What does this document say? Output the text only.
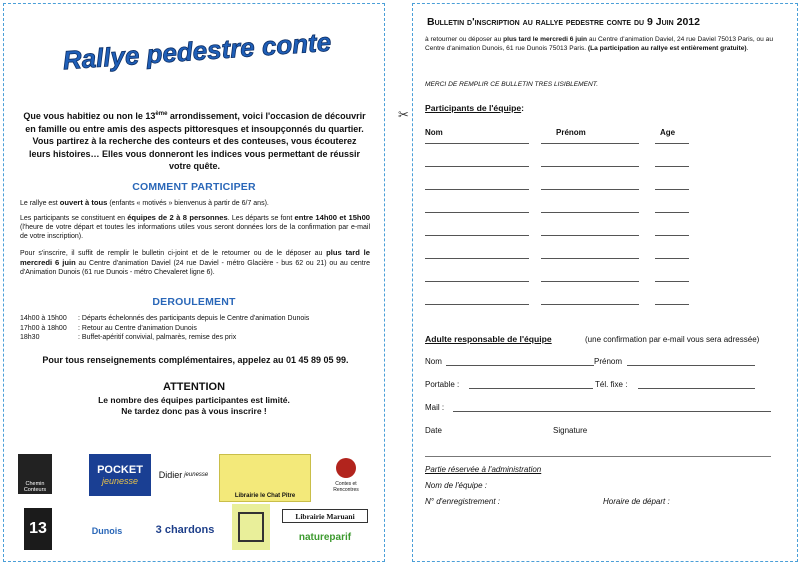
Rallye pedestre conte
Que vous habitiez ou non le 13ème arrondissement, voici l'occasion de découvrir en famille ou entre amis des aspects pittoresques et insoupçonnés du quartier. Vous partirez à la recherche des conteurs et des conteuses, vous écouterez leurs histoires… Elles vous donneront les indices vous permettant de réussir votre quête.
COMMENT PARTICIPER
Le rallye est ouvert à tous (enfants « motivés » bienvenus à partir de 6/7 ans).
Les participants se constituent en équipes de 2 à 8 personnes. Les départs se font entre 14h00 et 15h00 (l'heure de votre départ et toutes les informations utiles vous seront données lors de la confirmation par e-mail de votre inscription).
Pour s'inscrire, il suffit de remplir le bulletin ci-joint et de le retourner ou de le déposer au plus tard le mercredi 6 juin au Centre d'animation Daviel (24 rue Daviel - métro Glacière - bus 62 ou 21) ou au centre d'Animation Dunois (61 rue Dunois - métro Chevaleret ligne 6).
DEROULEMENT
14h00 à 15h00 : Départs échelonnés des participants depuis le Centre d'animation Dunois
17h00 à 18h00 : Retour au Centre d'animation Dunois
18h30	: Buffet-apéritif convivial, palmarès, remise des prix
Pour tous renseignements complémentaires, appelez au 01 45 89 05 99.
ATTENTION
Le nombre des équipes participantes est limité. Ne tardez donc pas à vous inscrire !
Chemin Conteurs
POCKET
jeunesse
Didier
jeunesse
Librairie le Chat Pitre
Contes et Rencontres
13	Dunois	3 chardons
Librairie Maruani
natureparif
✂
Bulletin d'inscription au rallye pedestre conte du 9 Juin 2012
à retourner ou déposer au plus tard le mercredi 6 juin au Centre d'animation Daviel, 24 rue Daviel 75013 Paris, ou au Centre d'animation Dunois, 61 rue Dunois 75013 Paris. (La participation au rallye est entièrement gratuite).
MERCI DE REMPLIR CE BULLETIN TRES LISIBLEMENT.
Participants de l'équipe:
Nom	Prénom	Age
Adulte responsable de l'équipe	(une confirmation par e-mail vous sera adressée)
Nom	Prénom
Portable :	Tél. fixe :
Mail :
Date	Signature
Partie réservée à l'administration
Nom de l'équipe :
N° d'enregistrement :	Horaire de départ :
